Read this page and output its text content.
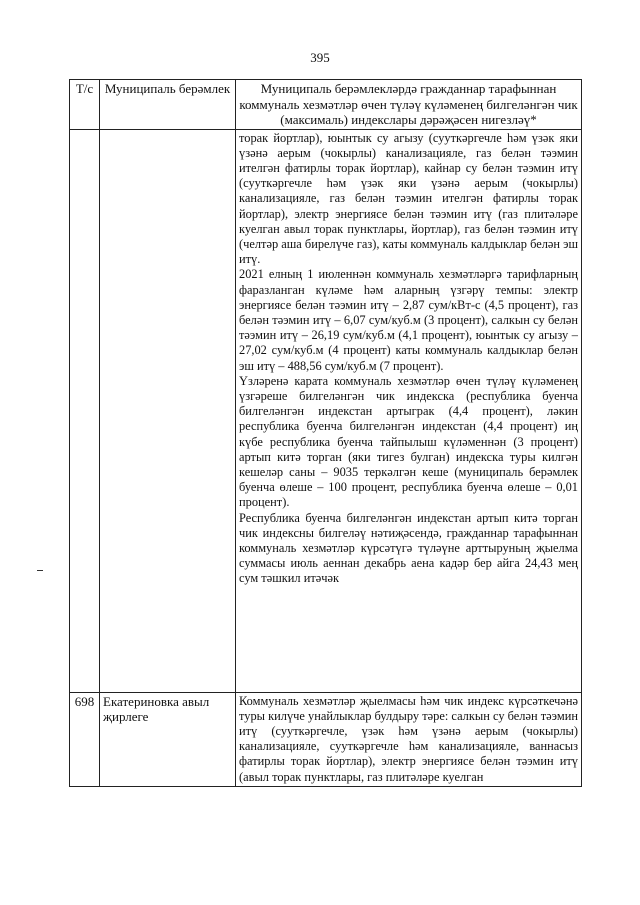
395
Т/с	Муниципаль берәмлек	Муниципаль берәмлекләрдә гражданнар тарафыннан коммуналь хезмәтләр өчен түләү күләменең билгеләнгән чик (максималь) индекслары дәрәҗәсен нигезләү*

		торак йортлар), юынтык су агызу (сууткәргечле һәм үзәк яки үзәнә аерым (чокырлы) канализацияле, газ белән тәэмин ителгән фатирлы торак йортлар), кайнар су белән тәэмин итү (сууткәргечле һәм үзәк яки үзәнә аерым (чокырлы) канализацияле, газ белән тәэмин ителгән фатирлы торак йортлар), электр энергиясе белән тәэмин итү (газ плитәләре куелган авыл торак пунктлары, йортлар), газ белән тәэмин итү (челтәр аша бирелүче газ), каты коммуналь калдыклар белән эш итү.

2021 елның 1 июленнән коммуналь хезмәтләргә тарифларның фаразланган күләме һәм аларның үзгәрү темпы: электр энергиясе белән тәэмин итү – 2,87 сум/кВт-с (4,5 процент), газ белән тәэмин итү – 6,07 сум/куб.м (3 процент), салкын су белән тәэмин итү – 26,19 сум/куб.м (4,1 процент), юынтык су агызу – 27,02 сум/куб.м (4 процент) каты коммуналь калдыклар белән эш итү – 488,56 сум/куб.м (7 процент).

Үзләренә карата коммуналь хезмәтләр өчен түләү күләменең үзгәреше билгеләнгән чик индекска (республика буенча билгеләнгән индекстан артыграк (4,4 процент), ләкин республика буенча билгеләнгән индекстан (4,4 процент) иң күбе республика буенча тайпылыш күләменнән (3 процент) артып китә торган (яки тигез булган) индекска туры килгән кешеләр саны – 9035 теркәлгән кеше (муниципаль берәмлек буенча өлеше – 100 процент, республика буенча өлеше – 0,01 процент).

Республика буенча билгеләнгән индекстан артып китә торган чик индексны билгеләү нәтиҗәсендә, гражданнар тарафыннан коммуналь хезмәтләр күрсәтүгә түләүне арттыруның җыелма суммасы июль аеннан декабрь аена кадәр бер айга 24,43 мең сум тәшкил итәчәк

698	Екатериновка авыл җирлеге	Коммуналь хезмәтләр җыелмасы һәм чик индекс күрсәткечәнә туры килүче унайлыклар булдыру тәре: салкын су белән тәэмин итү (сууткәргечле, үзәк һәм үзәнә аерым (чокырлы) канализацияле, сууткәргечле һәм канализацияле, ваннасыз фатирлы торак йортлар), электр энергиясе белән тәэмин итү (авыл торак пунктлары, газ плитәләре куелган
